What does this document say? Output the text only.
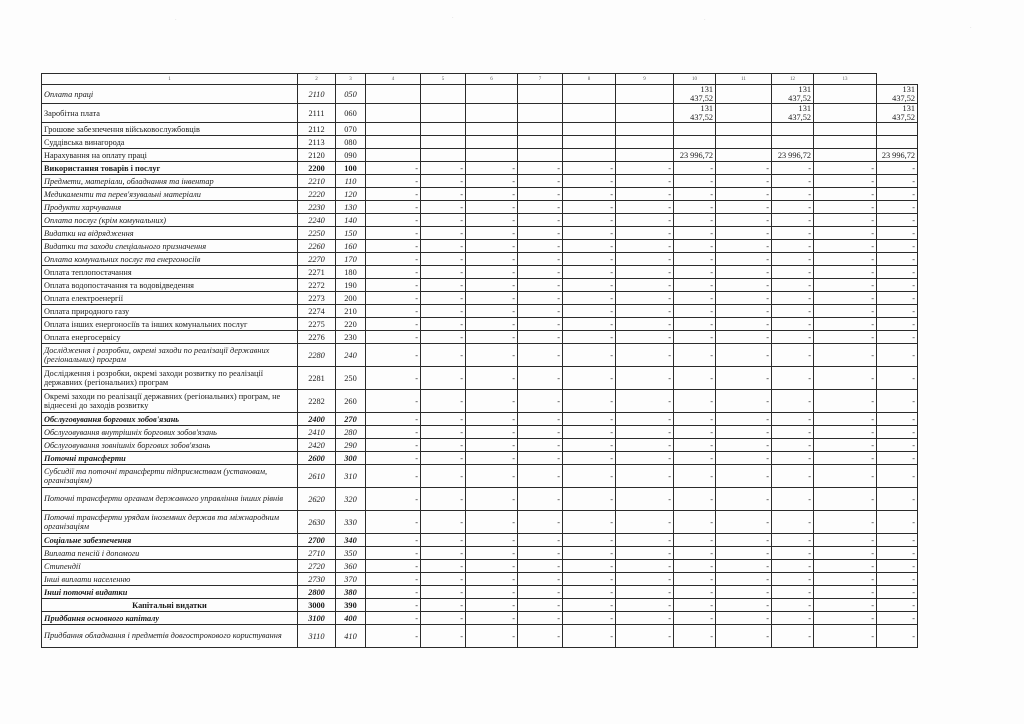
·	·	·
·
1	2	3	4	5	6	7	8	9	10	11	12	13	
Оплата праці	2110	050							131 437,52		131 437,52		131 437,52
Заробітна плата	2111	060							131 437,52		131 437,52		131 437,52
Грошове забезпечення військовослужбовців	2112	070											
Суддівська винагорода	2113	080											
Нарахування на оплату праці	2120	090							23 996,72		23 996,72		23 996,72
Використання товарів і послуг	2200	100	-	-	-	-	-	-	-	-	-	-	-
Предмети, матеріали, обладнання та інвентар	2210	110	-	-	-	-	-	-	-	-	-	-	-
Медикаменти та перев'язувальні матеріали	2220	120	-	-	-	-	-	-	-	-	-	-	-
Продукти харчування	2230	130	-	-	-	-	-	-	-	-	-	-	-
Оплата послуг (крім комунальних)	2240	140	-	-	-	-	-	-	-	-	-	-	-
Видатки на відрядження	2250	150	-	-	-	-	-	-	-	-	-	-	-
Видатки та заходи спеціального призначення	2260	160	-	-	-	-	-	-	-	-	-	-	-
Оплата комунальних послуг та енергоносіїв	2270	170	-	-	-	-	-	-	-	-	-	-	-
Оплата теплопостачання	2271	180	-	-	-	-	-	-	-	-	-	-	-
Оплата водопостачання та водовідведення	2272	190	-	-	-	-	-	-	-	-	-	-	-
Оплата електроенергії	2273	200	-	-	-	-	-	-	-	-	-	-	-
Оплата природного газу	2274	210	-	-	-	-	-	-	-	-	-	-	-
Оплата інших енергоносіїв та інших комунальних послуг	2275	220	-	-	-	-	-	-	-	-	-	-	-
Оплата енергосервісу	2276	230	-	-	-	-	-	-	-	-	-	-	-
Дослідження і розробки, окремі заходи по реалізації державних (регіональних) програм	2280	240	-	-	-	-	-	-	-	-	-	-	-
Дослідження і розробки, окремі заходи розвитку по реалізації державних (регіональних) програм	2281	250	-	-	-	-	-	-	-	-	-	-	-
Окремі заходи по реалізації державних (регіональних) програм, не віднесені до заходів розвитку	2282	260	-	-	-	-	-	-	-	-	-	-	-
Обслуговування боргових зобов'язань	2400	270	-	-	-	-	-	-	-	-	-	-	-
Обслуговування внутрішніх боргових зобов'язань	2410	280	-	-	-	-	-	-	-	-	-	-	-
Обслуговування зовнішніх боргових зобов'язань	2420	290	-	-	-	-	-	-	-	-	-	-	-
Поточні трансферти	2600	300	-	-	-	-	-	-	-	-	-	-	-
Субсидії та поточні трансферти підприємствам (установам, організаціям)	2610	310	-	-	-	-	-	-	-	-	-	-	-
Поточні трансферти органам державного управління інших рівнів	2620	320	-	-	-	-	-	-	-	-	-	-	-
Поточні трансферти урядам іноземних держав та міжнародним організаціям	2630	330	-	-	-	-	-	-	-	-	-	-	-
Соціальне забезпечення	2700	340	-	-	-	-	-	-	-	-	-	-	-
Виплата пенсій і допомоги	2710	350	-	-	-	-	-	-	-	-	-	-	-
Стипендії	2720	360	-	-	-	-	-	-	-	-	-	-	-
Інші виплати населенню	2730	370	-	-	-	-	-	-	-	-	-	-	-
Інші поточні видатки	2800	380	-	-	-	-	-	-	-	-	-	-	-
Капітальні видатки	3000	390	-	-	-	-	-	-	-	-	-	-	-
Придбання основного капіталу	3100	400	-	-	-	-	-	-	-	-	-	-	-
Придбання обладнання і предметів довгострокового користування	3110	410	-	-	-	-	-	-	-	-	-	-	-
